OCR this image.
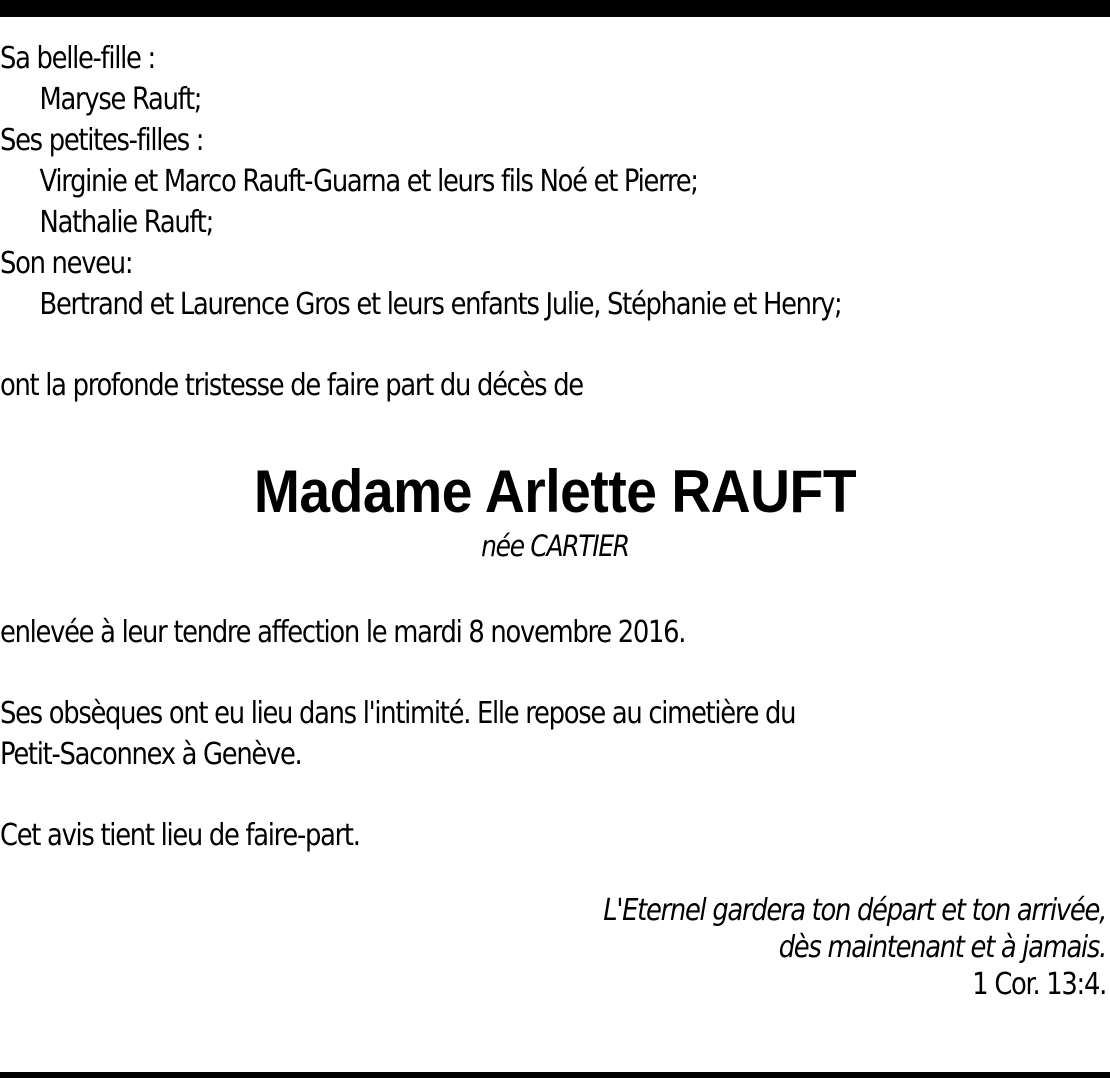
Sa belle-fille :
Maryse Rauft;
Ses petites-filles :
Virginie et Marco Rauft-Guarna et leurs fils Noé et Pierre;
Nathalie Rauft;
Son neveu:
Bertrand et Laurence Gros et leurs enfants Julie, Stéphanie et Henry;
ont la profonde tristesse de faire part du décès de
Madame Arlette RAUFT
née CARTIER
enlevée à leur tendre affection le mardi 8 novembre 2016.
Ses obsèques ont eu lieu dans l'intimité. Elle repose au cimetière du
Petit-Saconnex à Genève.
Cet avis tient lieu de faire-part.
L'Eternel gardera ton départ et ton arrivée,
dès maintenant et à jamais.
1 Cor. 13:4.
